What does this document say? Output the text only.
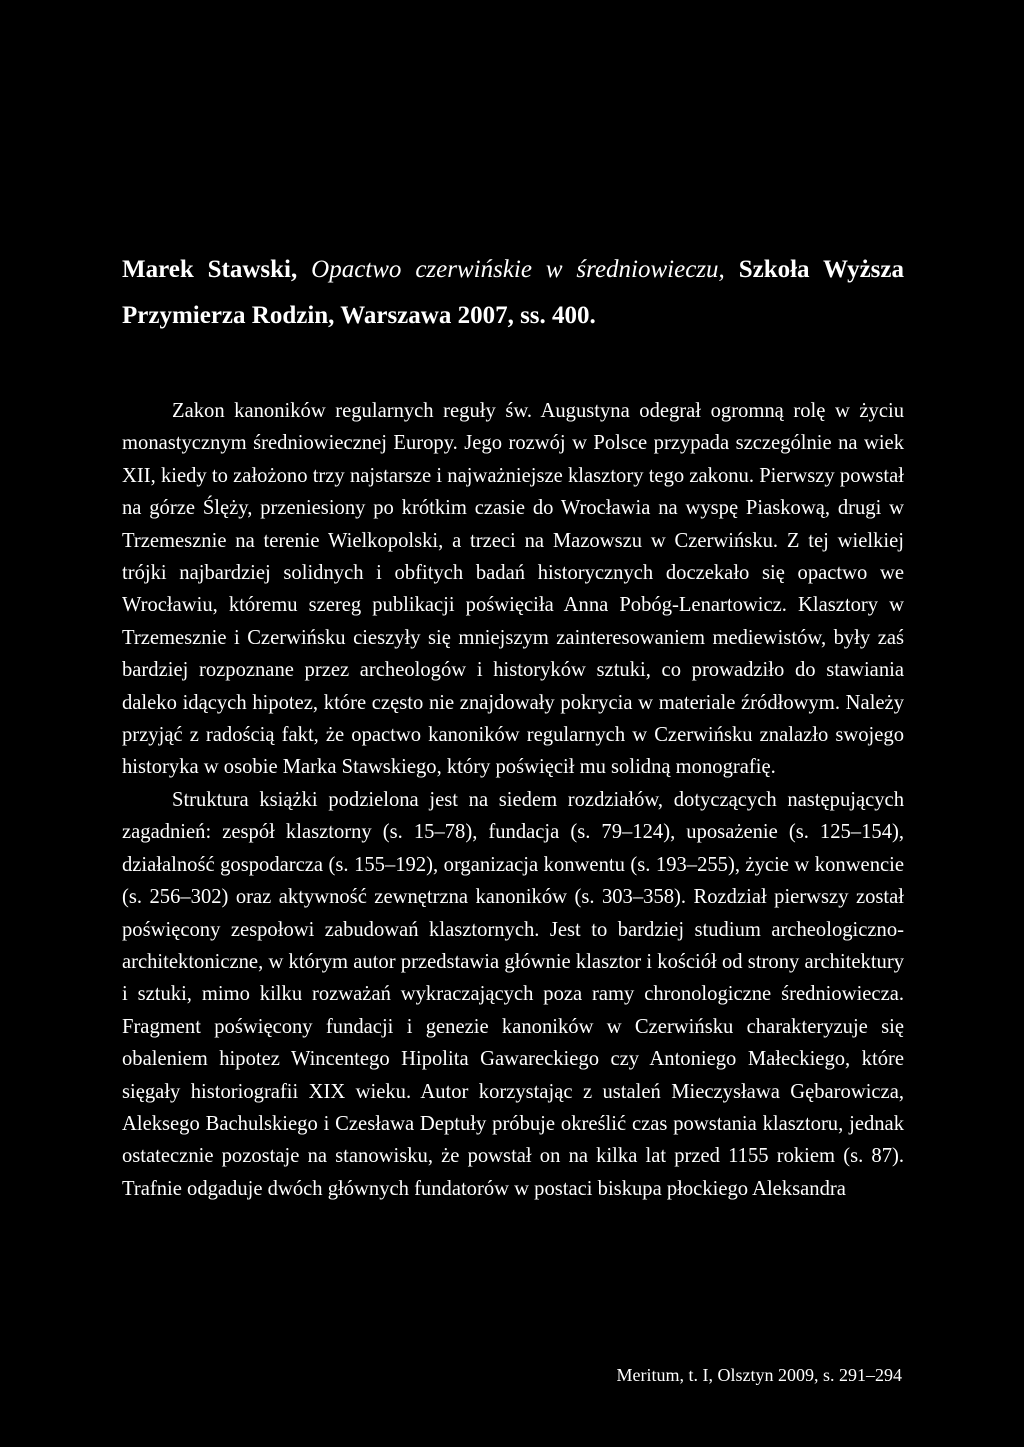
Marek Stawski, Opactwo czerwińskie w średniowieczu, Szkoła Wyższa Przymierza Rodzin, Warszawa 2007, ss. 400.

Zakon kanoników regularnych reguły św. Augustyna odegrał ogromną rolę w życiu monastycznym średniowiecznej Europy. Jego rozwój w Polsce przypada szczególnie na wiek XII, kiedy to założono trzy najstarsze i najważniejsze klasztory tego zakonu. Pierwszy powstał na górze Ślęży, przeniesiony po krótkim czasie do Wrocławia na wyspę Piaskową, drugi w Trzemesznie na terenie Wielkopolski, a trzeci na Mazowszu w Czerwińsku. Z tej wielkiej trójki najbardziej solidnych i obfitych badań historycznych doczekało się opactwo we Wrocławiu, któremu szereg publikacji poświęciła Anna Pobóg-Lenartowicz. Klasztory w Trzemesznie i Czerwińsku cieszyły się mniejszym zainteresowaniem mediewistów, były zaś bardziej rozpoznane przez archeologów i historyków sztuki, co prowadziło do stawiania daleko idących hipotez, które często nie znajdowały pokrycia w materiale źródłowym. Należy przyjąć z radością fakt, że opactwo kanoników regularnych w Czerwińsku znalazło swojego historyka w osobie Marka Stawskiego, który poświęcił mu solidną monografię.

Struktura książki podzielona jest na siedem rozdziałów, dotyczących następujących zagadnień: zespół klasztorny (s. 15–78), fundacja (s. 79–124), uposażenie (s. 125–154), działalność gospodarcza (s. 155–192), organizacja konwentu (s. 193–255), życie w konwencie (s. 256–302) oraz aktywność zewnętrzna kanoników (s. 303–358). Rozdział pierwszy został poświęcony zespołowi zabudowań klasztornych. Jest to bardziej studium archeologiczno-architektoniczne, w którym autor przedstawia głównie klasztor i kościół od strony architektury i sztuki, mimo kilku rozważań wykraczających poza ramy chronologiczne średniowiecza. Fragment poświęcony fundacji i genezie kanoników w Czerwińsku charakteryzuje się obaleniem hipotez Wincentego Hipolita Gawareckiego czy Antoniego Małeckiego, które sięgały historiografii XIX wieku. Autor korzystając z ustaleń Mieczysława Gębarowicza, Aleksego Bachulskiego i Czesława Deptuły próbuje określić czas powstania klasztoru, jednak ostatecznie pozostaje na stanowisku, że powstał on na kilka lat przed 1155 rokiem (s. 87). Trafnie odgaduje dwóch głównych fundatorów w postaci biskupa płockiego Aleksandra

Meritum, t. I, Olsztyn 2009, s. 291–294
